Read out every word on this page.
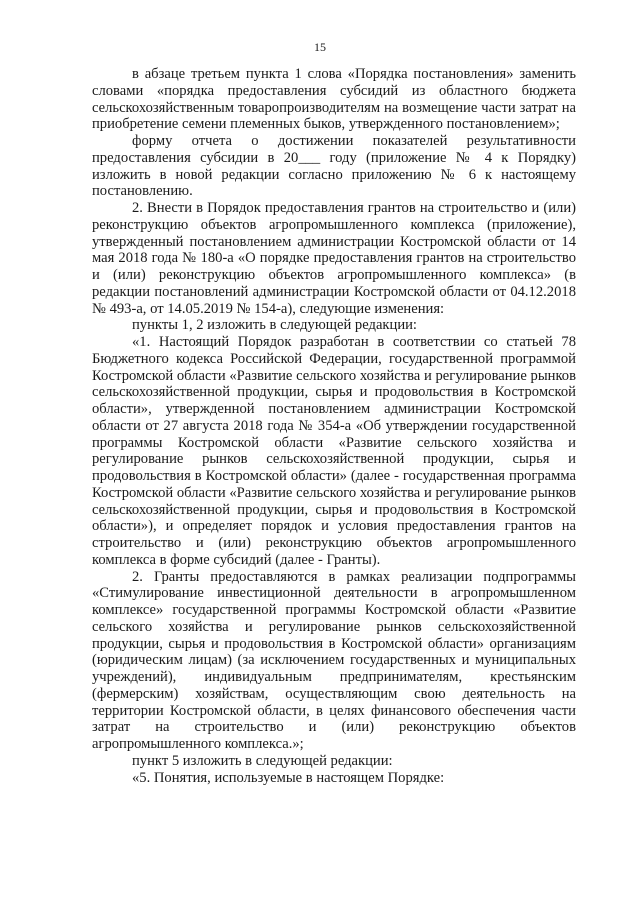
15

в абзаце третьем пункта 1 слова «Порядка постановления» заменить словами «порядка предоставления субсидий из областного бюджета сельскохозяйственным товаропроизводителям на возмещение части затрат на приобретение семени племенных быков, утвержденного постановлением»;

форму отчета о достижении показателей результативности предоставления субсидии в 20___ году (приложение № 4 к Порядку) изложить в новой редакции согласно приложению № 6 к настоящему постановлению.

2. Внести в Порядок предоставления грантов на строительство и (или) реконструкцию объектов агропромышленного комплекса (приложение), утвержденный постановлением администрации Костромской области от 14 мая 2018 года № 180-а «О порядке предоставления грантов на строительство и (или) реконструкцию объектов агропромышленного комплекса» (в редакции постановлений администрации Костромской области от 04.12.2018 № 493-а, от 14.05.2019 № 154-а), следующие изменения:

пункты 1, 2 изложить в следующей редакции:

«1. Настоящий Порядок разработан в соответствии со статьей 78 Бюджетного кодекса Российской Федерации, государственной программой Костромской области «Развитие сельского хозяйства и регулирование рынков сельскохозяйственной продукции, сырья и продовольствия в Костромской области», утвержденной постановлением администрации Костромской области от 27 августа 2018 года № 354-а «Об утверждении государственной программы Костромской области «Развитие сельского хозяйства и регулирование рынков сельскохозяйственной продукции, сырья и продовольствия в Костромской области» (далее - государственная программа Костромской области «Развитие сельского хозяйства и регулирование рынков сельскохозяйственной продукции, сырья и продовольствия в Костромской области»), и определяет порядок и условия предоставления грантов на строительство и (или) реконструкцию объектов агропромышленного комплекса в форме субсидий (далее - Гранты).

2. Гранты предоставляются в рамках реализации подпрограммы «Стимулирование инвестиционной деятельности в агропромышленном комплексе» государственной программы Костромской области «Развитие сельского хозяйства и регулирование рынков сельскохозяйственной продукции, сырья и продовольствия в Костромской области» организациям (юридическим лицам) (за исключением государственных и муниципальных учреждений), индивидуальным предпринимателям, крестьянским (фермерским) хозяйствам, осуществляющим свою деятельность на территории Костромской области, в целях финансового обеспечения части затрат на строительство и (или) реконструкцию объектов агропромышленного комплекса.»;

пункт 5 изложить в следующей редакции:

«5. Понятия, используемые в настоящем Порядке:
